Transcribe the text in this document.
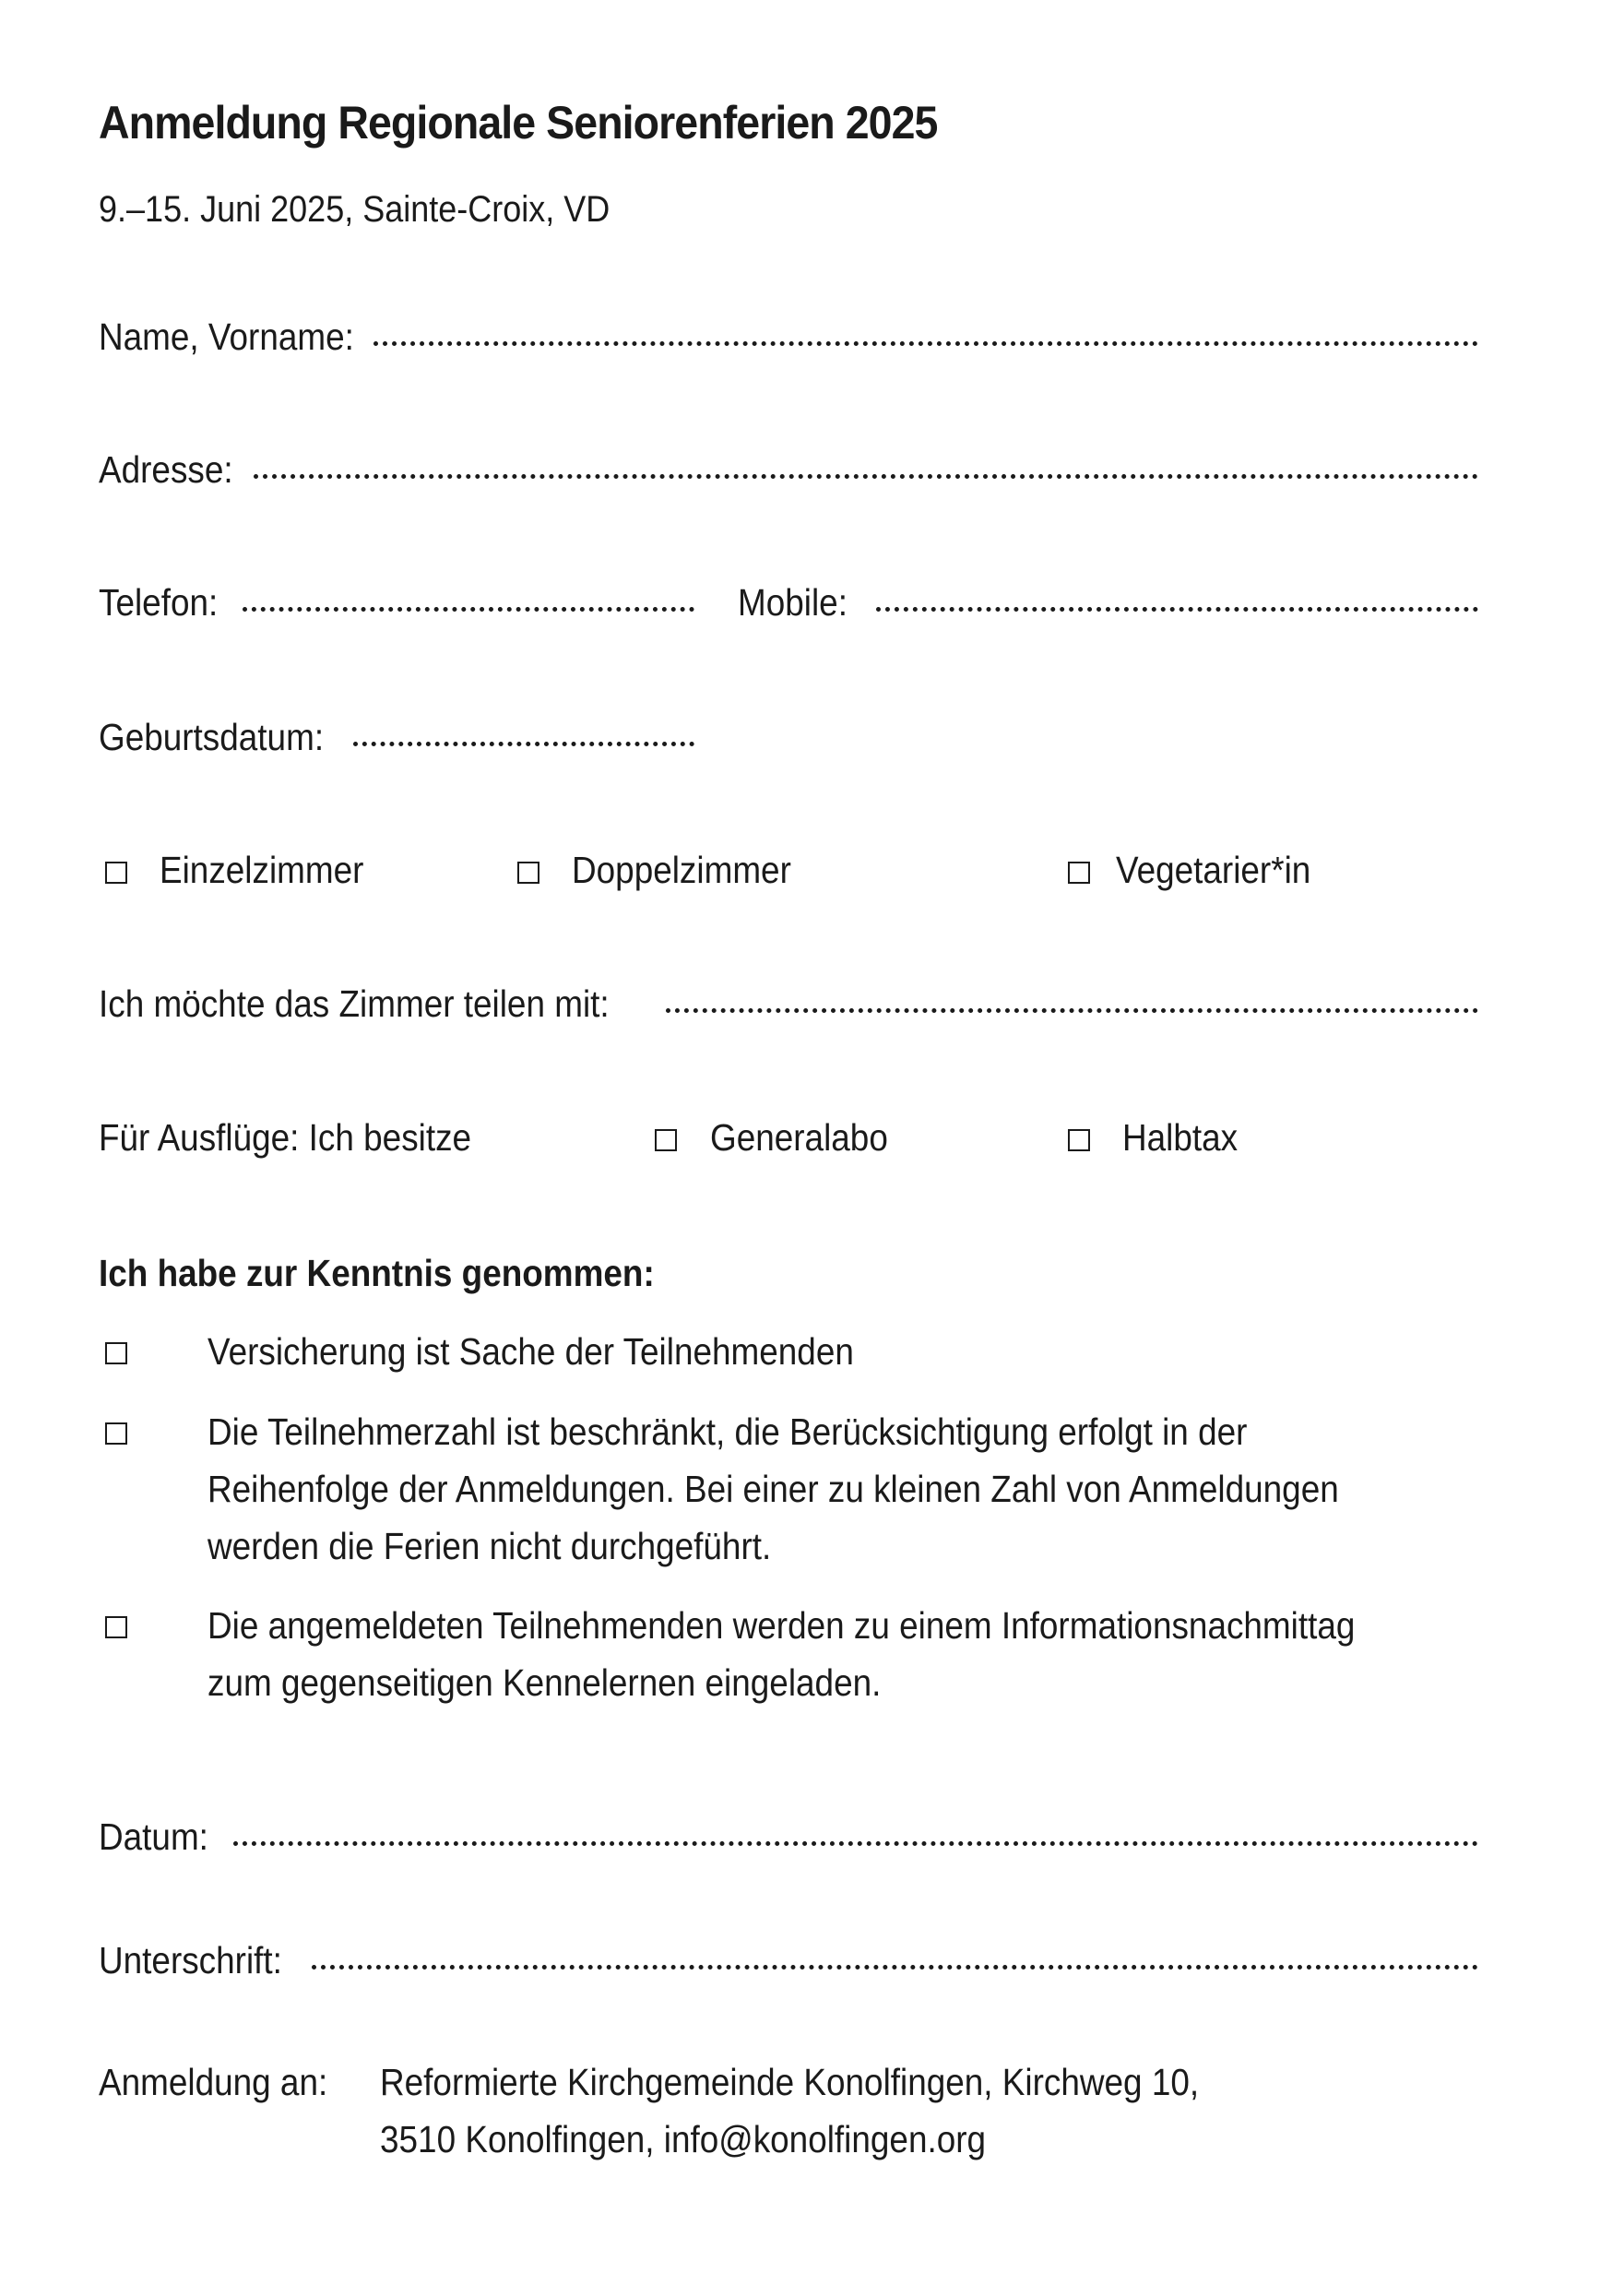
Anmeldung Regionale Seniorenferien 2025
9.–15. Juni 2025, Sainte-Croix, VD
Name, Vorname:
Adresse:
Telefon:	Mobile:
Geburtsdatum:
Einzelzimmer	Doppelzimmer	Vegetarier*in
Ich möchte das Zimmer teilen mit:
Für Ausflüge: Ich besitze	Generalabo	Halbtax
Ich habe zur Kenntnis genommen:
Versicherung ist Sache der Teilnehmenden
Die Teilnehmerzahl ist beschränkt, die Berücksichtigung erfolgt in der
Reihenfolge der Anmeldungen. Bei einer zu kleinen Zahl von Anmeldungen
werden die Ferien nicht durchgeführt.
Die angemeldeten Teilnehmenden werden zu einem Informationsnachmittag
zum gegenseitigen Kennelernen eingeladen.
Datum:
Unterschrift:
Anmeldung an: Reformierte Kirchgemeinde Konolfingen, Kirchweg 10,
3510 Konolfingen, info@konolfingen.org
